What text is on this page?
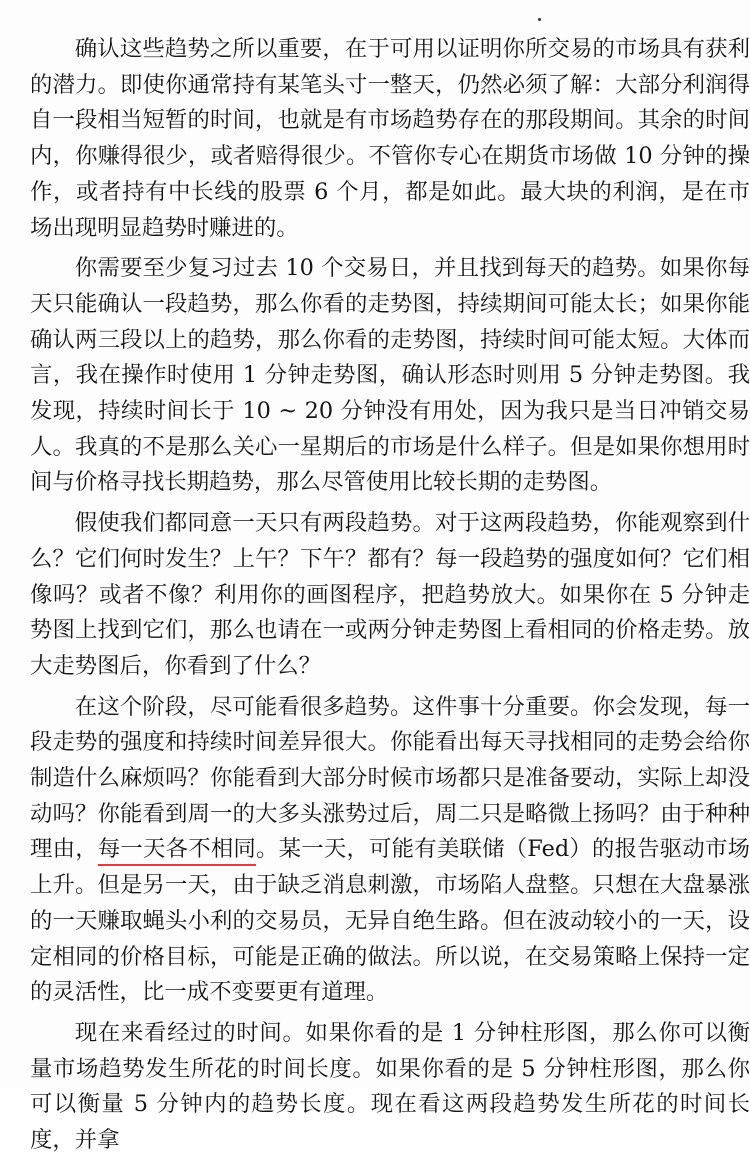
确认这些趋势之所以重要，在于可用以证明你所交易的市场具有获利的潜力。即使你通常持有某笔头寸一整天，仍然必须了解：大部分利润得自一段相当短暂的时间，也就是有市场趋势存在的那段期间。其余的时间内，你赚得很少，或者赔得很少。不管你专心在期货市场做 10 分钟的操作，或者持有中长线的股票 6 个月，都是如此。最大块的利润，是在市场出现明显趋势时赚进的。

你需要至少复习过去 10 个交易日，并且找到每天的趋势。如果你每天只能确认一段趋势，那么你看的走势图，持续期间可能太长；如果你能确认两三段以上的趋势，那么你看的走势图，持续时间可能太短。大体而言，我在操作时使用 1 分钟走势图，确认形态时则用 5 分钟走势图。我发现，持续时间长于 10 ~ 20 分钟没有用处，因为我只是当日冲销交易人。我真的不是那么关心一星期后的市场是什么样子。但是如果你想用时间与价格寻找长期趋势，那么尽管使用比较长期的走势图。

假使我们都同意一天只有两段趋势。对于这两段趋势，你能观察到什么？它们何时发生？上午？下午？都有？每一段趋势的强度如何？它们相像吗？或者不像？利用你的画图程序，把趋势放大。如果你在 5 分钟走势图上找到它们，那么也请在一或两分钟走势图上看相同的价格走势。放大走势图后，你看到了什么？

在这个阶段，尽可能看很多趋势。这件事十分重要。你会发现，每一段走势的强度和持续时间差异很大。你能看出每天寻找相同的走势会给你制造什么麻烦吗？你能看到大部分时候市场都只是准备要动，实际上却没动吗？你能看到周一的大多头涨势过后，周二只是略微上扬吗？由于种种理由，每一天各不相同。某一天，可能有美联储（Fed）的报告驱动市场上升。但是另一天，由于缺乏消息刺激，市场陷人盘整。只想在大盘暴涨的一天赚取蝇头小利的交易员，无异自绝生路。但在波动较小的一天，设定相同的价格目标，可能是正确的做法。所以说，在交易策略上保持一定的灵活性，比一成不变要更有道理。

现在来看经过的时间。如果你看的是 1 分钟柱形图，那么你可以衡量市场趋势发生所花的时间长度。如果你看的是 5 分钟柱形图，那么你可以衡量 5 分钟内的趋势长度。现在看这两段趋势发生所花的时间长度，并拿
